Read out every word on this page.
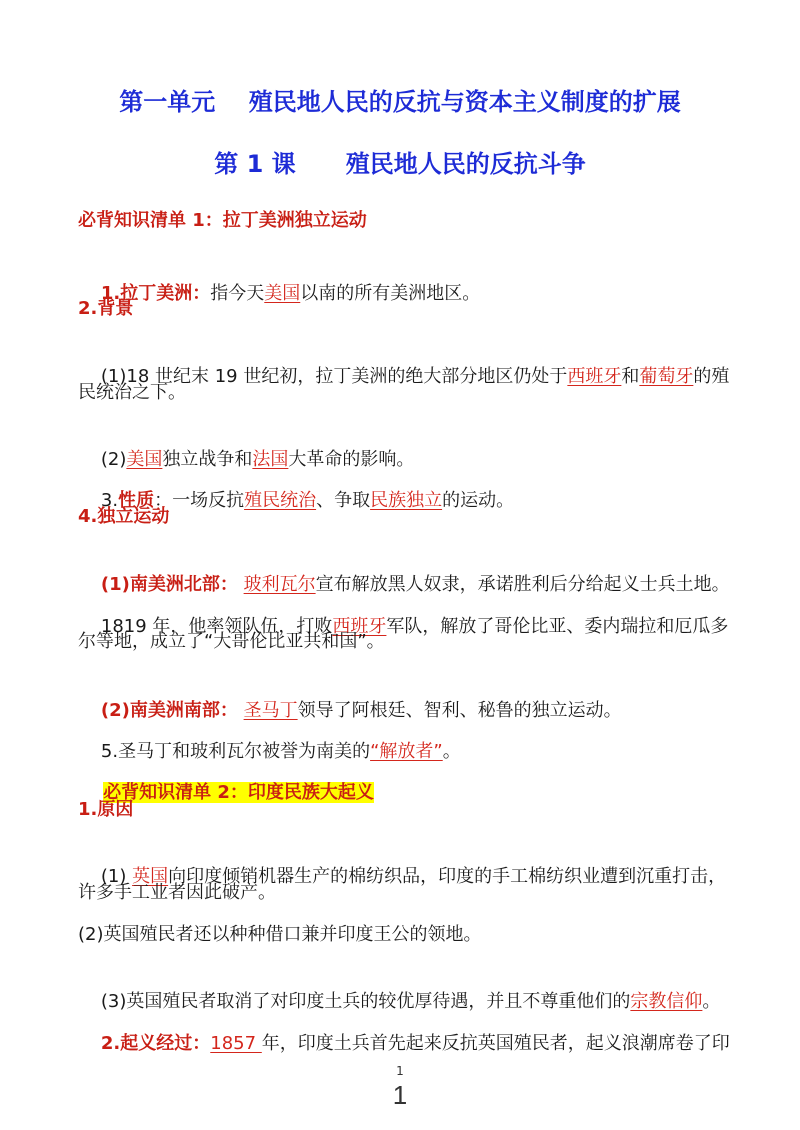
第一单元    殖民地人民的反抗与资本主义制度的扩展
第 1 课      殖民地人民的反抗斗争
必背知识清单 1：拉丁美洲独立运动

1.拉丁美洲：指今天美国以南的所有美洲地区。

2.背景

(1)18 世纪末 19 世纪初，拉丁美洲的绝大部分地区仍处于西班牙和葡萄牙的殖

民统治之下。

(2)美国独立战争和法国大革命的影响。

3.性质：一场反抗殖民统治、争取民族独立的运动。

4.独立运动

(1)南美洲北部： 玻利瓦尔宣布解放黑人奴隶，承诺胜利后分给起义士兵土地。

1819 年，他率领队伍，打败西班牙军队，解放了哥伦比亚、委内瑞拉和厄瓜多

尔等地，成立了“大哥伦比亚共和国”。

(2)南美洲南部： 圣马丁领导了阿根廷、智利、秘鲁的独立运动。

5.圣马丁和玻利瓦尔被誉为南美的“解放者”。

必背知识清单 2：印度民族大起义

1.原因

(1) 英国向印度倾销机器生产的棉纺织品，印度的手工棉纺织业遭到沉重打击，

许多手工业者因此破产。
(2)英国殖民者还以种种借口兼并印度王公的领地。

(3)英国殖民者取消了对印度土兵的较优厚待遇，并且不尊重他们的宗教信仰。

2.起义经过：1857 年，印度土兵首先起来反抗英国殖民者，起义浪潮席卷了印

1
1
